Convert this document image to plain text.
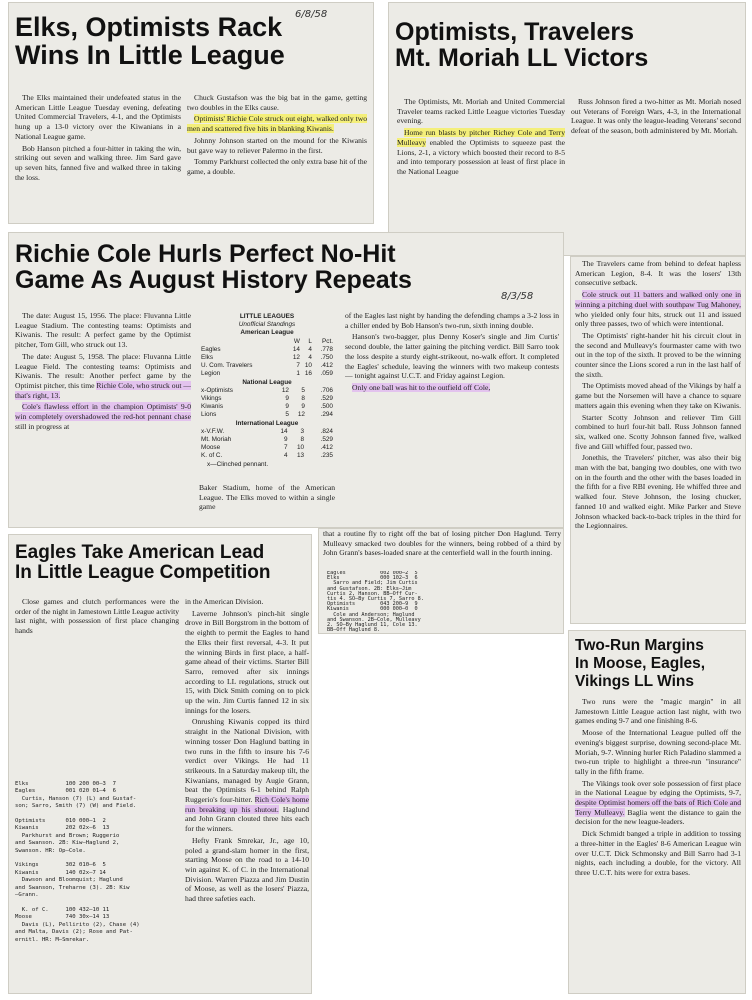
Elks, Optimists Rack
Wins In Little League
6/8/58

The Elks maintained their undefeated status in the American Little League Tuesday evening, defeating United Commercial Travelers, 4-1, and the Optimists hung up a 13-0 victory over the Kiwanians in a National League game.

Bob Hanson pitched a four-hitter in taking the win, striking out seven and walking three. Jim Sard gave up seven hits, fanned five and walked three in taking the loss.

Chuck Gustafson was the big bat in the game, getting two doubles in the Elks cause.

Optimists' Richie Cole struck out eight, walked only two men and scattered five hits in blanking Kiwanis.

Johnny Johnson started on the mound for the Kiwanis but gave way to reliever Palermo in the first.

Tommy Parkhurst collected the only extra base hit of the game, a double.

Optimists, Travelers
Mt. Moriah LL Victors

The Optimists, Mt. Moriah and United Commercial Traveler teams racked Little League victories Tuesday evening.

Home run blasts by pitcher Richey Cole and Terry Mulleavy enabled the Optimists to squeeze past the Lions, 2-1, a victory which boosted their record to 8-5 and into temporary possession at least of first place in the National League

Russ Johnson fired a two-hitter as Mt. Moriah nosed out Veterans of Foreign Wars, 4-3, in the International League. It was only the league-leading Veterans' second defeat of the season, both administered by Mt. Moriah.

The Travelers came from behind to defeat hapless American Legion, 8-4. It was the losers' 13th consecutive setback.

Cole struck out 11 batters and walked only one in winning a pitching duel with southpaw Tug Mahoney, who yielded only four hits, struck out 11 and issued only three passes, two of which were intentional.

The Optimists' right-hander hit his circuit clout in the second and Mulleavy's fourmaster came with two out in the top of the sixth. It proved to be the winning counter since the Lions scored a run in the last half of the sixth.

The Optimists moved ahead of the Vikings by half a game but the Norsemen will have a chance to square matters again this evening when they take on Kiwanis.

Starter Scotty Johnson and reliever Tim Gill combined to hurl four-hit ball. Russ Johnson fanned six, walked one. Scotty Johnson fanned five, walked five and Gill whiffed four, passed two.

Jonethis, the Travelers' pitcher, was also their big man with the bat, banging two doubles, one with two on in the fourth and the other with the bases loaded in the fifth for a five RBI evening. He whiffed three and walked four. Steve Johnson, the losing chucker, fanned 10 and walked eight. Mike Parker and Steve Johnson whacked back-to-back triples in the third for the Legionnaires.

Richie Cole Hurls Perfect No-Hit
Game As August History Repeats
8/3/58

The date: August 15, 1956. The place: Fluvanna Little League Stadium. The contesting teams: Optimists and Kiwanis. The result: A perfect game by the Optimist pitcher, Tom Gill, who struck out 13.

The date: August 5, 1958. The place: Fluvanna Little League Field. The contesting teams: Optimists and Kiwanis. The result: Another perfect game by the Optimist pitcher, this time Richie Cole, who struck out — that's right, 13.

Cole's flawless effort in the champion Optimists' 9-0 win completely overshadowed the red-hot pennant chase still in progress at

LITTLE LEAGUES
Unofficial Standings
American League
	W	L	Pct.
Eagles	14	4	.778
Elks	12	4	.750
U. Com. Travelers	7	10	.412
Legion	1	16	.059
National League
x-Optimists	12	5	.706
Vikings	9	8	.529
Kiwanis	9	9	.500
Lions	5	12	.294
International League
x-V.F.W.	14	3	.824
Mt. Moriah	9	8	.529
Moose	7	10	.412
K. of C.	4	13	.235
x—Clinched pennant.

Baker Stadium, home of the American League. The Elks moved to within a single game

of the Eagles last night by handing the defending champs a 3-2 loss in a chiller ended by Bob Hanson's two-run, sixth inning double.

Hanson's two-bagger, plus Denny Koser's single and Jim Curtis' second double, the latter gaining the pitching verdict. Bill Sarro took the loss despite a sturdy eight-strikeout, no-walk effort. It completed the Eagles' schedule, leaving the winners with two makeup contests — tonight against U.C.T. and Friday against Legion.

Only one ball was hit to the outfield off Cole,

that a routine fly to right off the bat of losing pitcher Don Haglund. Terry Mulleavy smacked two doubles for the winners, being robbed of a third by John Grann's bases-loaded snare at the centerfield wall in the fourth inning.

Eagles           002 000—2  5
Elks             000 102—3  6
Sarro and Field; Jim Curtis
and Gustafson. 2B: Elks—Jim
Curtis 2, Hanson. BB—Off Cur-
tis 4. SO—By Curtis 7, Sarro 8.
Optimists        043 200—9  9
Kiwanis          000 000—0  0
Cole and Anderson; Haglund
and Swanson. 2B—Cole, Mulleavy
2. SO—By Haglund 11, Cole 13.
BB—Off Haglund 8.
Eagles Take American Lead
In Little League Competition

Close games and clutch performances were the order of the night in Jamestown Little League activity last night, with possession of first place changing hands

Elks           100 200 00—3  7
Eagles         001 020 01—4  6
Curtis, Hanson (7) (L) and Gustaf-
son; Sarro, Smith (7) (W) and Field.

Optimists      010 000—1  2
Kiwanis        202 02x—6  13
Parkhurst and Brown; Ruggerio
and Swanson. 2B: Kiw—Haglund 2,
Swanson. HR: Op—Cole.

Vikings        302 010—6  5
Kiwanis        140 02x—7 14
Dawson and Bloomquist; Haglund
and Swanson, Treharne (3). 2B: Kiw
—Grann.

K. of C.     100 432—10 11
Moose          740 30x—14 13
Davis (L), Pellirito (2), Chase (4)
and Malta, Davis (2); Rose and Pat-
ernitl. HR: M—Smrekar.

in the American Division.

Laverne Johnson's pinch-hit single drove in Bill Borgstrom in the bottom of the eighth to permit the Eagles to hand the Elks their first reversal, 4-3. It put the winning Birds in first place, a half-game ahead of their victims. Starter Bill Sarro, removed after six innings according to LL regulations, struck out 15, with Dick Smith coming on to pick up the win. Jim Curtis fanned 12 in six innings for the losers.

Onrushing Kiwanis copped its third straight in the National Division, with winning tosser Don Haglund batting in two runs in the fifth to insure his 7-6 verdict over Vikings. He had 11 strikeouts. In a Saturday makeup tilt, the Kiwanians, managed by Augie Grann, beat the Optimists 6-1 behind Ralph Ruggerio's four-hitter. Rich Cole's home run breaking up his shutout. Haglund and John Grann clouted three hits each for the winners.

Hefty Frank Smrekar, Jr., age 10, poled a grand-slam homer in the first, starting Moose on the road to a 14-10 win against K. of C. in the International Division. Warren Piazza and Jim Dustin of Moose, as well as the losers' Piazza, had three safeties each.

Two-Run Margins
In Moose, Eagles,
Vikings LL Wins

Two runs were the "magic margin" in all Jamestown Little League action last night, with two games ending 9-7 and one finishing 8-6.

Moose of the International League pulled off the evening's biggest surprise, downing second-place Mt. Moriah, 9-7. Winning hurler Rich Paladino slammed a two-run triple to highlight a three-run "insurance" tally in the fifth frame.

The Vikings took over sole possession of first place in the National League by edging the Optimists, 9-7, despite Optimist homers off the bats of Rich Cole and Terry Mulleavy. Baglia went the distance to gain the decision for the new league-leaders.

Dick Schmidt banged a triple in addition to tossing a three-hitter in the Eagles' 8-6 American League win over U.C.T. Dick Schmonsky and Bill Sarro had 3-1 nights, each including a double, for the victory. All three U.C.T. hits were for extra bases.
